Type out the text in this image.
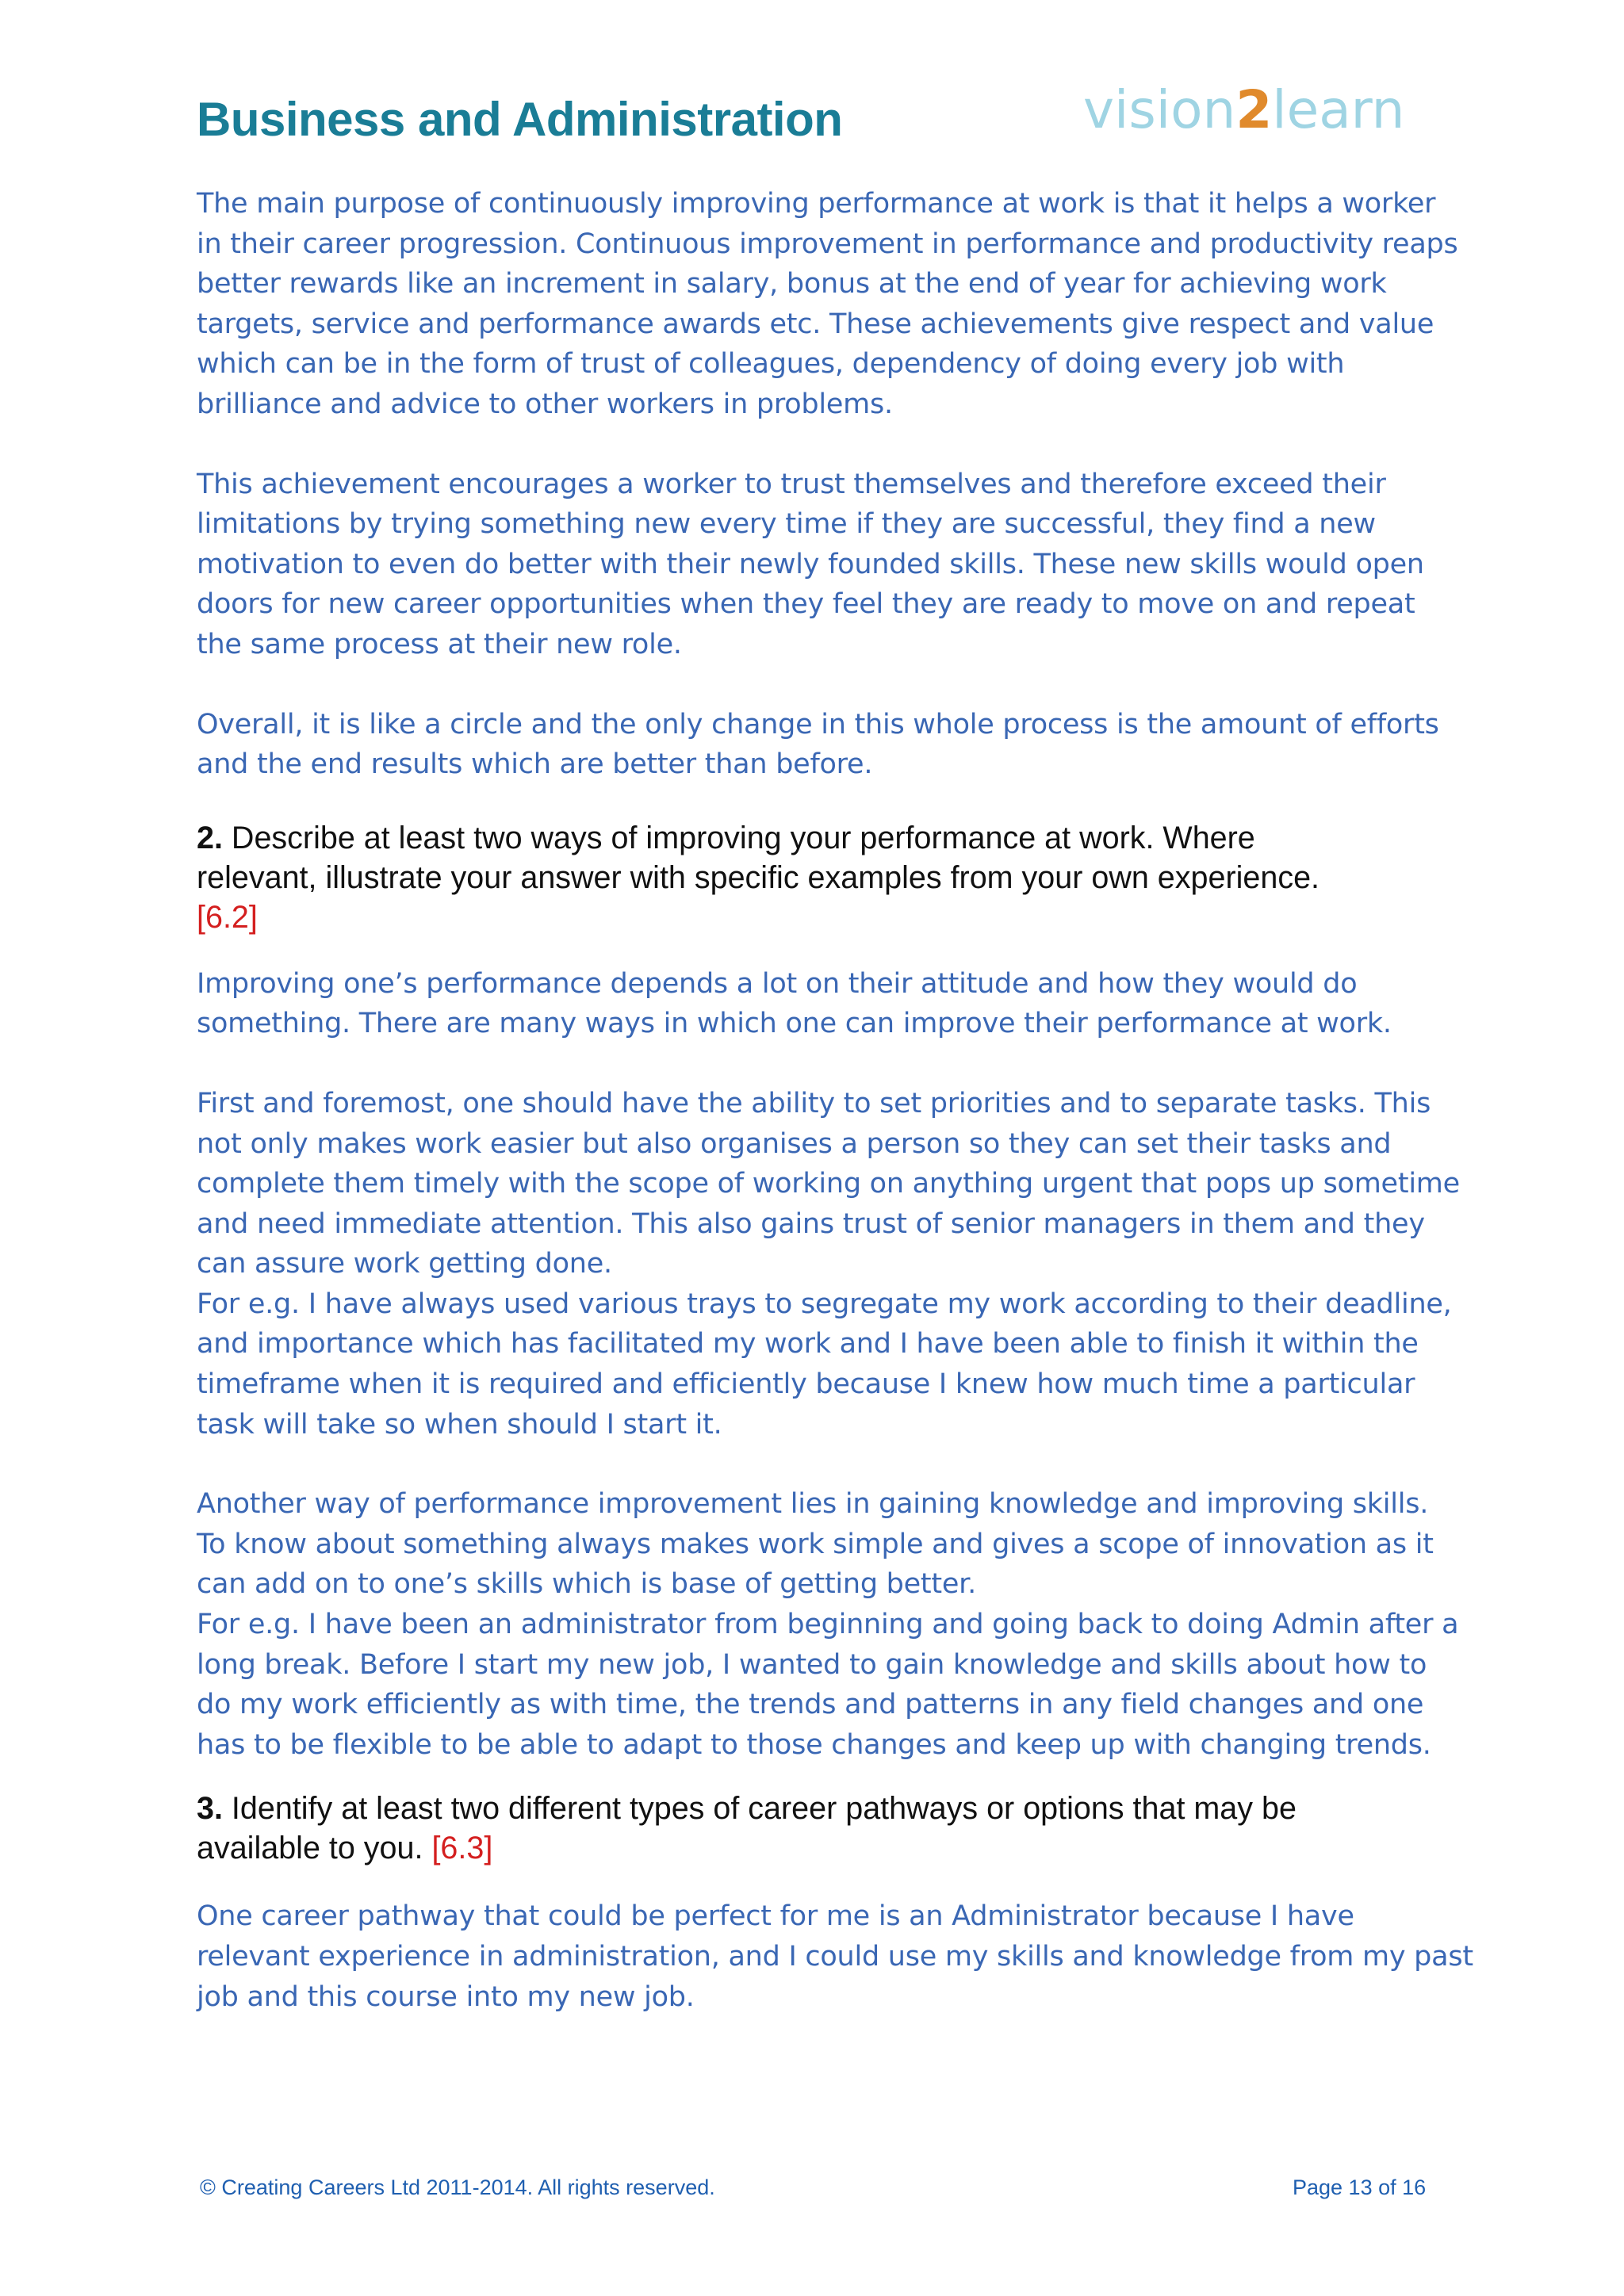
Business and Administration	vision2learn

The main purpose of continuously improving performance at work is that it helps a worker
in their career progression. Continuous improvement in performance and productivity reaps
better rewards like an increment in salary, bonus at the end of year for achieving work
targets, service and performance awards etc. These achievements give respect and value
which can be in the form of trust of colleagues, dependency of doing every job with
brilliance and advice to other workers in problems.

This achievement encourages a worker to trust themselves and therefore exceed their
limitations by trying something new every time if they are successful, they find a new
motivation to even do better with their newly founded skills. These new skills would open
doors for new career opportunities when they feel they are ready to move on and repeat
the same process at their new role.

Overall, it is like a circle and the only change in this whole process is the amount of efforts
and the end results which are better than before.

2. Describe at least two ways of improving your performance at work. Where
relevant, illustrate your answer with specific examples from your own experience.
[6.2]

Improving one’s performance depends a lot on their attitude and how they would do
something. There are many ways in which one can improve their performance at work.

First and foremost, one should have the ability to set priorities and to separate tasks. This
not only makes work easier but also organises a person so they can set their tasks and
complete them timely with the scope of working on anything urgent that pops up sometime
and need immediate attention. This also gains trust of senior managers in them and they
can assure work getting done.
For e.g. I have always used various trays to segregate my work according to their deadline,
and importance which has facilitated my work and I have been able to finish it within the
timeframe when it is required and efficiently because I knew how much time a particular
task will take so when should I start it.

Another way of performance improvement lies in gaining knowledge and improving skills.
To know about something always makes work simple and gives a scope of innovation as it
can add on to one’s skills which is base of getting better.
For e.g. I have been an administrator from beginning and going back to doing Admin after a
long break. Before I start my new job, I wanted to gain knowledge and skills about how to
do my work efficiently as with time, the trends and patterns in any field changes and one
has to be flexible to be able to adapt to those changes and keep up with changing trends.

3. Identify at least two different types of career pathways or options that may be
available to you. [6.3]

One career pathway that could be perfect for me is an Administrator because I have
relevant experience in administration, and I could use my skills and knowledge from my past
job and this course into my new job.

© Creating Careers Ltd 2011-2014. All rights reserved.	Page 13 of 16
